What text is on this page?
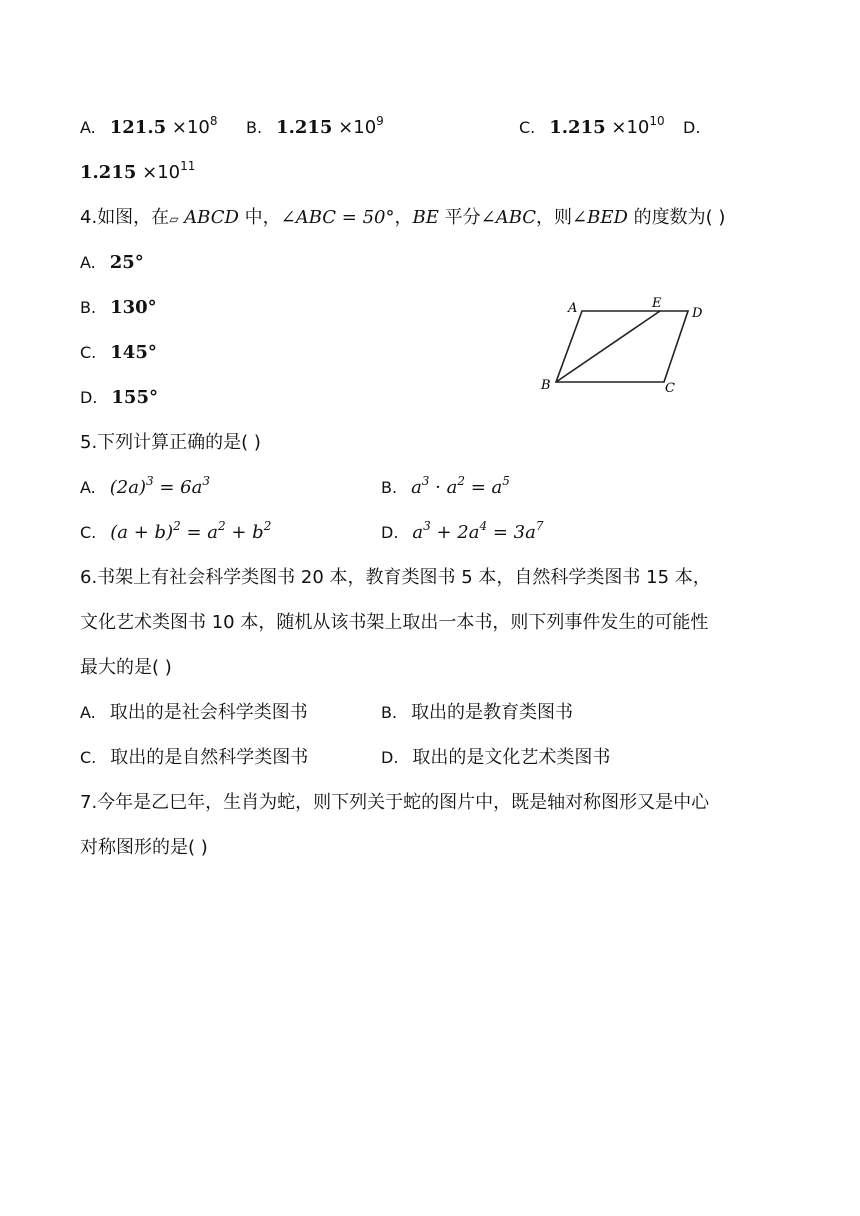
A. $121.5 \times 10^8$ B. $1.215 \times 10^9$	C. $1.215 \times 10^{10}$ D.
$1.215 \times 10^{11}$
4.如图，在▱ ABCD 中，∠ABC = 50°，BE 平分∠ABC，则∠BED 的度数为( )
A. 25°
B. 130°
C. 145°
D. 155°
A	E
D
B	C
5.下列计算正确的是( )
A. $(2a)^3 = 6a^3$	B. $a^3 \cdot a^2 = a^5$
C. $(a + b)^2 = a^2 + b^2$	D. $a^3 + 2a^4 = 3a^7$
6.书架上有社会科学类图书 20 本，教育类图书 5 本，自然科学类图书 15 本，
文化艺术类图书 10 本，随机从该书架上取出一本书，则下列事件发生的可能性
最大的是( )
A. 取出的是社会科学类图书	B. 取出的是教育类图书
C. 取出的是自然科学类图书	D. 取出的是文化艺术类图书
7.今年是乙巳年，生肖为蛇，则下列关于蛇的图片中，既是轴对称图形又是中心
对称图形的是( )
